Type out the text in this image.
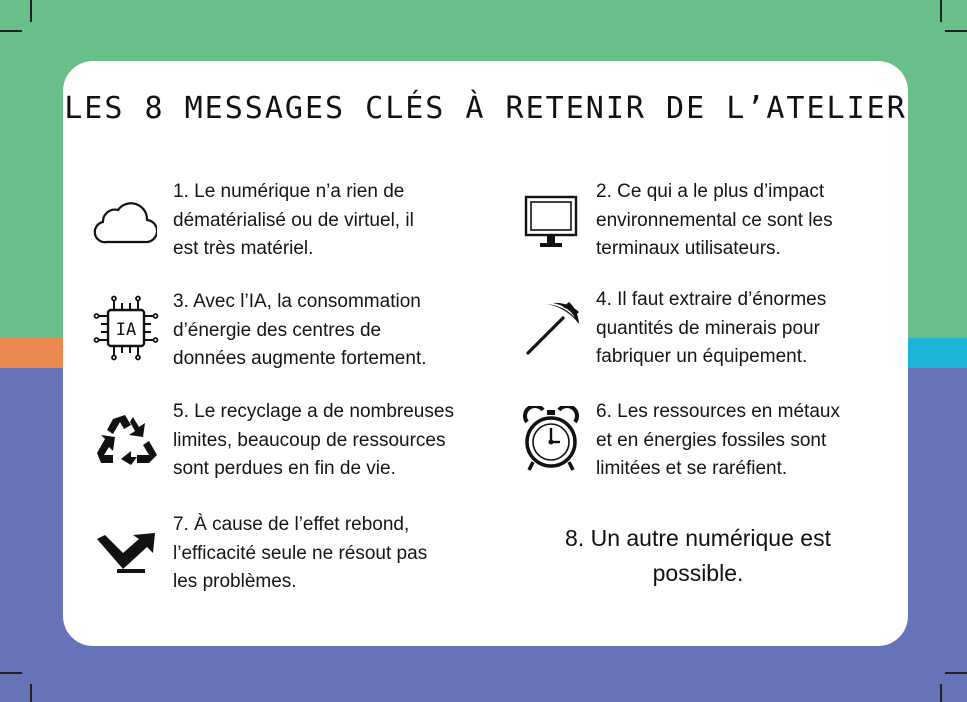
LES 8 MESSAGES CLÉS À RETENIR DE L’ATELIER

1. Le numérique n’a rien de
dématérialisé ou de virtuel, il
est très matériel.

2. Ce qui a le plus d’impact
environnemental ce sont les
terminaux utilisateurs.

IA

3. Avec l’IA, la consommation
d’énergie des centres de
données augmente fortement.

4. Il faut extraire d’énormes
quantités de minerais pour
fabriquer un équipement.

5. Le recyclage a de nombreuses
limites, beaucoup de ressources
sont perdues en fin de vie.

6. Les ressources en métaux
et en énergies fossiles sont
limitées et se raréfient.

7. À cause de l’effet rebond,
l’efficacité seule ne résout pas
les problèmes.

8. Un autre numérique est
possible.
